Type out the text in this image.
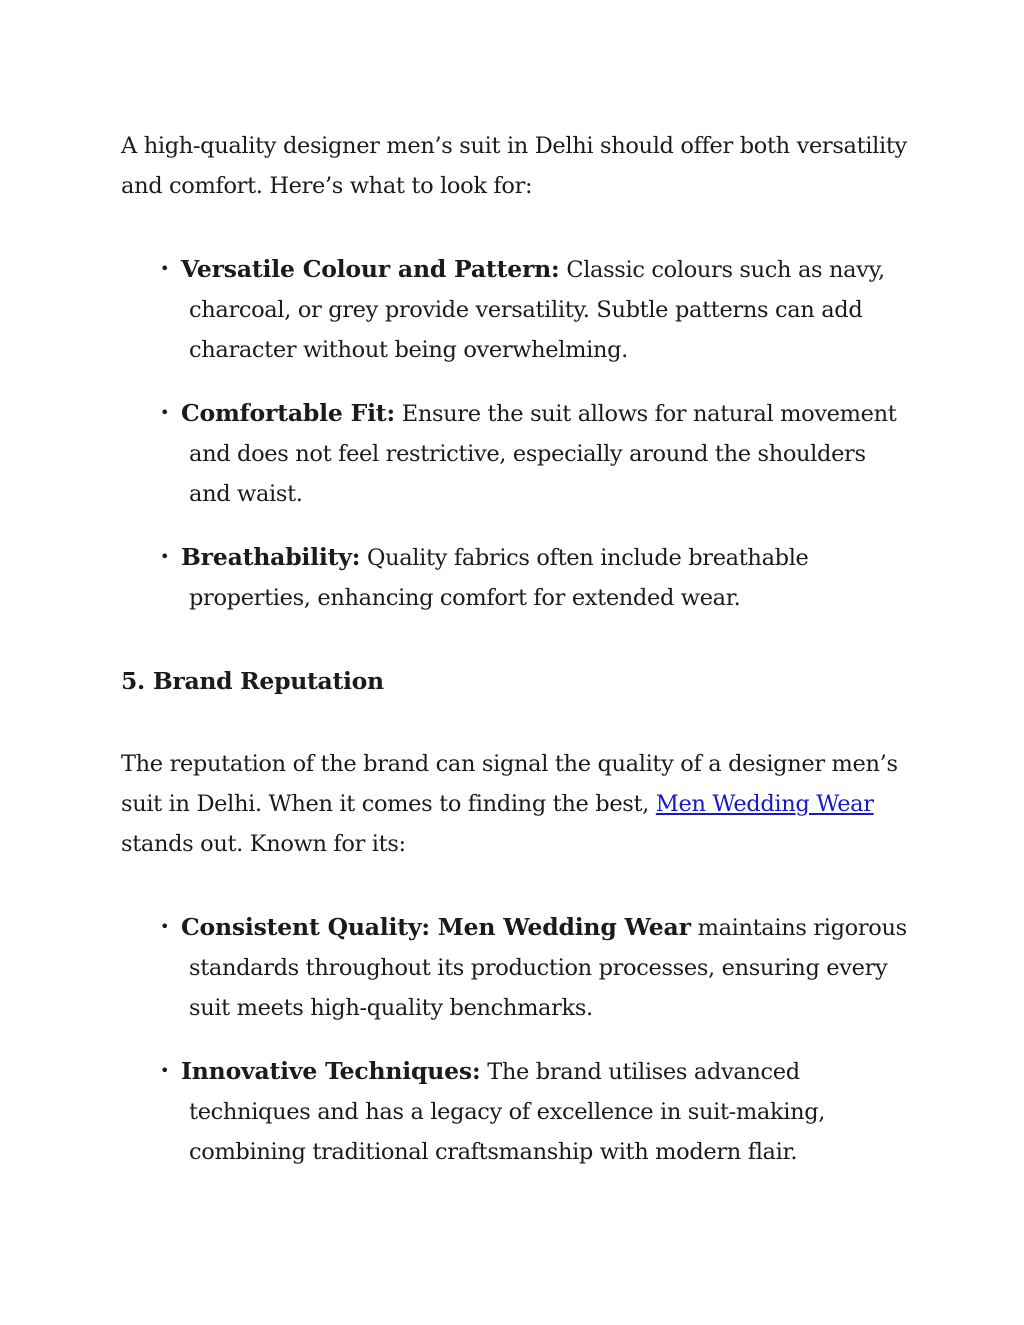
A high-quality designer men’s suit in Delhi should offer both versatility and comfort. Here’s what to look for:

• Versatile Colour and Pattern: Classic colours such as navy, charcoal, or grey provide versatility. Subtle patterns can add character without being overwhelming.
• Comfortable Fit: Ensure the suit allows for natural movement and does not feel restrictive, especially around the shoulders and waist.
• Breathability: Quality fabrics often include breathable properties, enhancing comfort for extended wear.
5. Brand Reputation

The reputation of the brand can signal the quality of a designer men’s suit in Delhi. When it comes to finding the best, Men Wedding Wear stands out. Known for its:

• Consistent Quality: Men Wedding Wear maintains rigorous standards throughout its production processes, ensuring every suit meets high-quality benchmarks.
• Innovative Techniques: The brand utilises advanced techniques and has a legacy of excellence in suit-making, combining traditional craftsmanship with modern flair.
